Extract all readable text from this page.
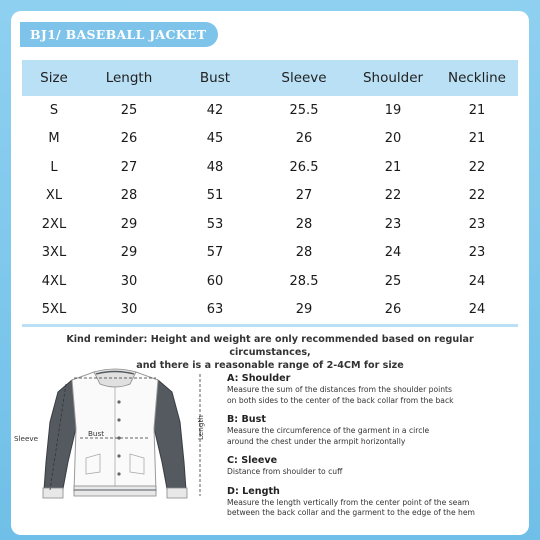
BJ1/ BASEBALL JACKET
Size	Length	Bust	Sleeve	Shoulder	Neckline
S	25	42	25.5	19	21
M	26	45	26	20	21
L	27	48	26.5	21	22
XL	28	51	27	22	22
2XL	29	53	28	23	23
3XL	29	57	28	24	23
4XL	30	60	28.5	25	24
5XL	30	63	29	26	24
Kind reminder: Height and weight are only recommended based on regular circumstances,
and there is a reasonable range of 2-4CM for size
Sleeve
Bust	Length
A: Shoulder
Measure the sum of the distances from the shoulder points
on both sides to the center of the back collar from the back
B: Bust
Measure the circumference of the garment in a circle
around the chest under the armpit horizontally
C: Sleeve
Distance from shoulder to cuff
D: Length
Measure the length vertically from the center point of the seam
between the back collar and the garment to the edge of the hem
